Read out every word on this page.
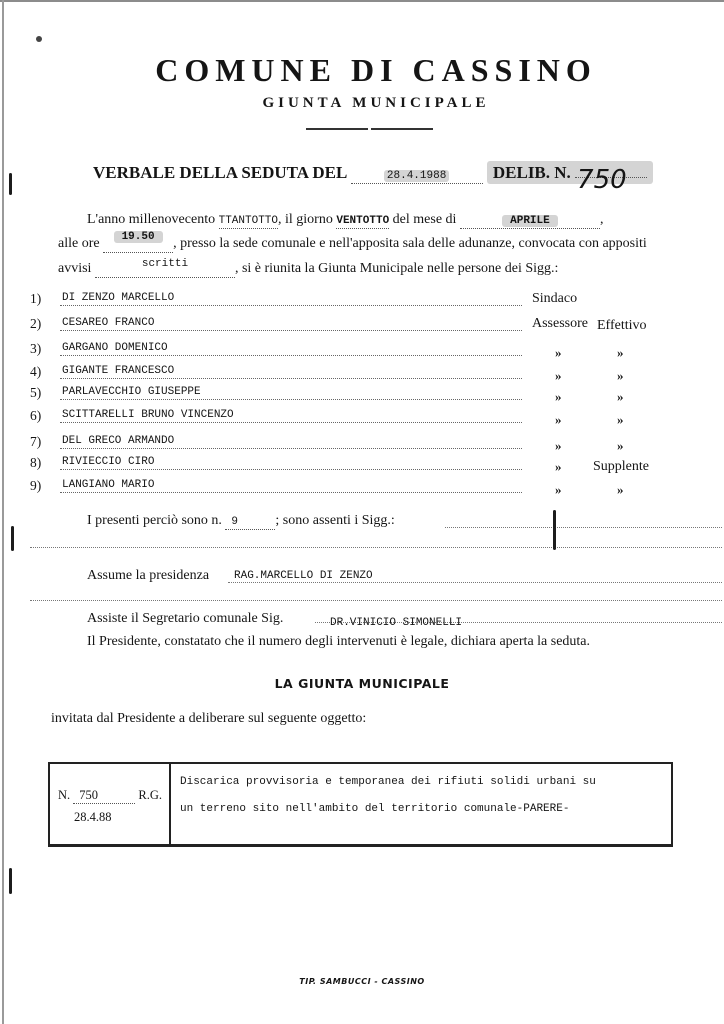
COMUNE DI CASSINO
GIUNTA MUNICIPALE
VERBALE DELLA SEDUTA DEL	28.4.1988	DELIB. N. 750
L'anno millenovecento TTANTOTTO, il giorno VENTOTTO del mese di	APRILE	,
alle ore $^{19.50}$ , presso la sede comunale e nell'apposita sala delle adunanze, convocata con appositi
avvisi	$^{scritti}$	, si è riunita la Giunta Municipale nelle persone dei Sigg.:
1) DI ZENZO MARCELLO	Sindaco
2) CESAREO FRANCO	Assessore Effettivo
3) GARGANO DOMENICO	»	»
4) GIGANTE FRANCESCO	»	»
5) PARLAVECCHIO GIUSEPPE	»	»
6) SCITTARELLI BRUNO VINCENZO	»	»
7) DEL GRECO ARMANDO	»	»
8) RIVIECCIO CIRO	» Supplente
9) LANGIANO MARIO	»	»
I presenti perciò sono n. 9	; sono assenti i Sigg.:
Assume la presidenza RAG.MARCELLO DI ZENZO
Assiste il Segretario comunale Sig.	DR.VINICIO SIMONELLI
Il Presidente, constatato che il numero degli intervenuti è legale, dichiara aperta la seduta.
LA GIUNTA MUNICIPALE
invitata dal Presidente a deliberare sul seguente oggetto:
N. 750	R.G.
28.4.88
Discarica provvisoria e temporanea dei rifiuti solidi urbani su
un terreno sito nell'ambito del territorio comunale-PARERE-
TIP. SAMBUCCI - CASSINO
